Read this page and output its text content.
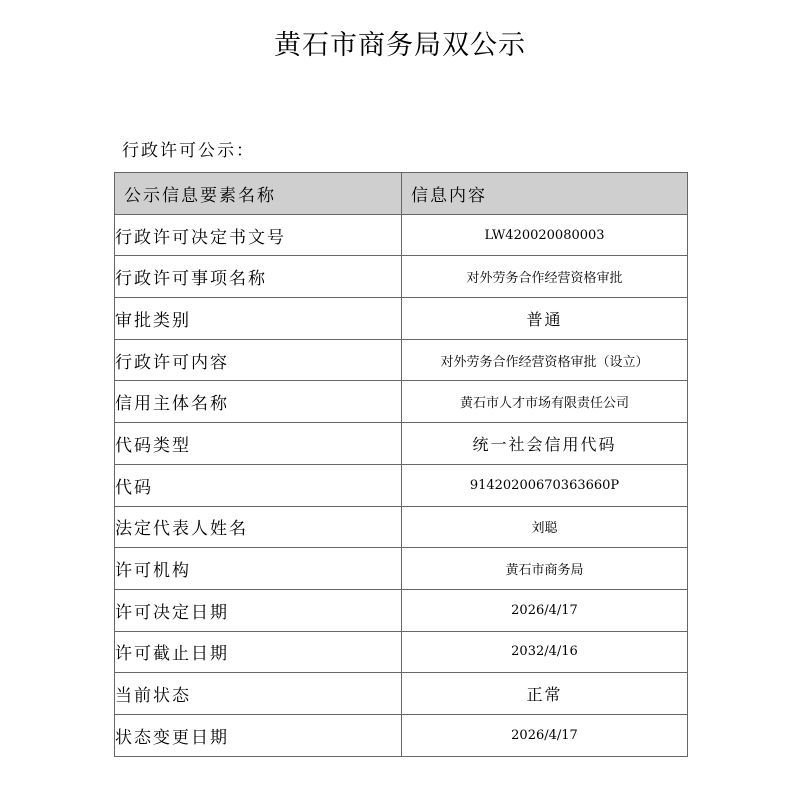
黄石市商务局双公示
行政许可公示：
公示信息要素名称	信息内容
行政许可决定书文号	LW420020080003
行政许可事项名称	对外劳务合作经营资格审批
审批类别	普通
行政许可内容	对外劳务合作经营资格审批（设立）
信用主体名称	黄石市人才市场有限责任公司
代码类型	统一社会信用代码
代码	91420200670363660P
法定代表人姓名	刘聪
许可机构	黄石市商务局
许可决定日期	2026/4/17
许可截止日期	2032/4/16
当前状态	正常
状态变更日期	2026/4/17
